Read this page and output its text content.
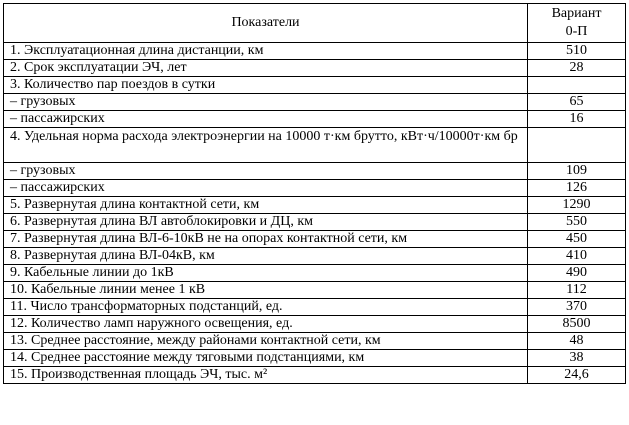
Показатели	Вариант
0-П
1. Эксплуатационная длина дистанции, км	510
2. Срок эксплуатации ЭЧ, лет	28
3. Количество пар поездов в сутки	
– грузовых	65
– пассажирских	16
4. Удельная норма расхода электроэнергии на 10000 т·км брутто, кВт·ч/10000т·км бр	
– грузовых	109
– пассажирских	126
5. Развернутая длина контактной сети, км	1290
6. Развернутая длина ВЛ автоблокировки и ДЦ, км	550
7. Развернутая длина ВЛ-6-10кВ не на опорах контактной сети, км	450
8. Развернутая длина ВЛ-04кВ, км	410
9. Кабельные линии до 1кВ	490
10. Кабельные линии менее 1 кВ	112
11. Число трансформаторных подстанций, ед.	370
12. Количество ламп наружного освещения, ед.	8500
13. Среднее расстояние, между районами контактной сети, км	48
14. Среднее расстояние между тяговыми подстанциями, км	38
15. Производственная площадь ЭЧ, тыс. м²	24,6
